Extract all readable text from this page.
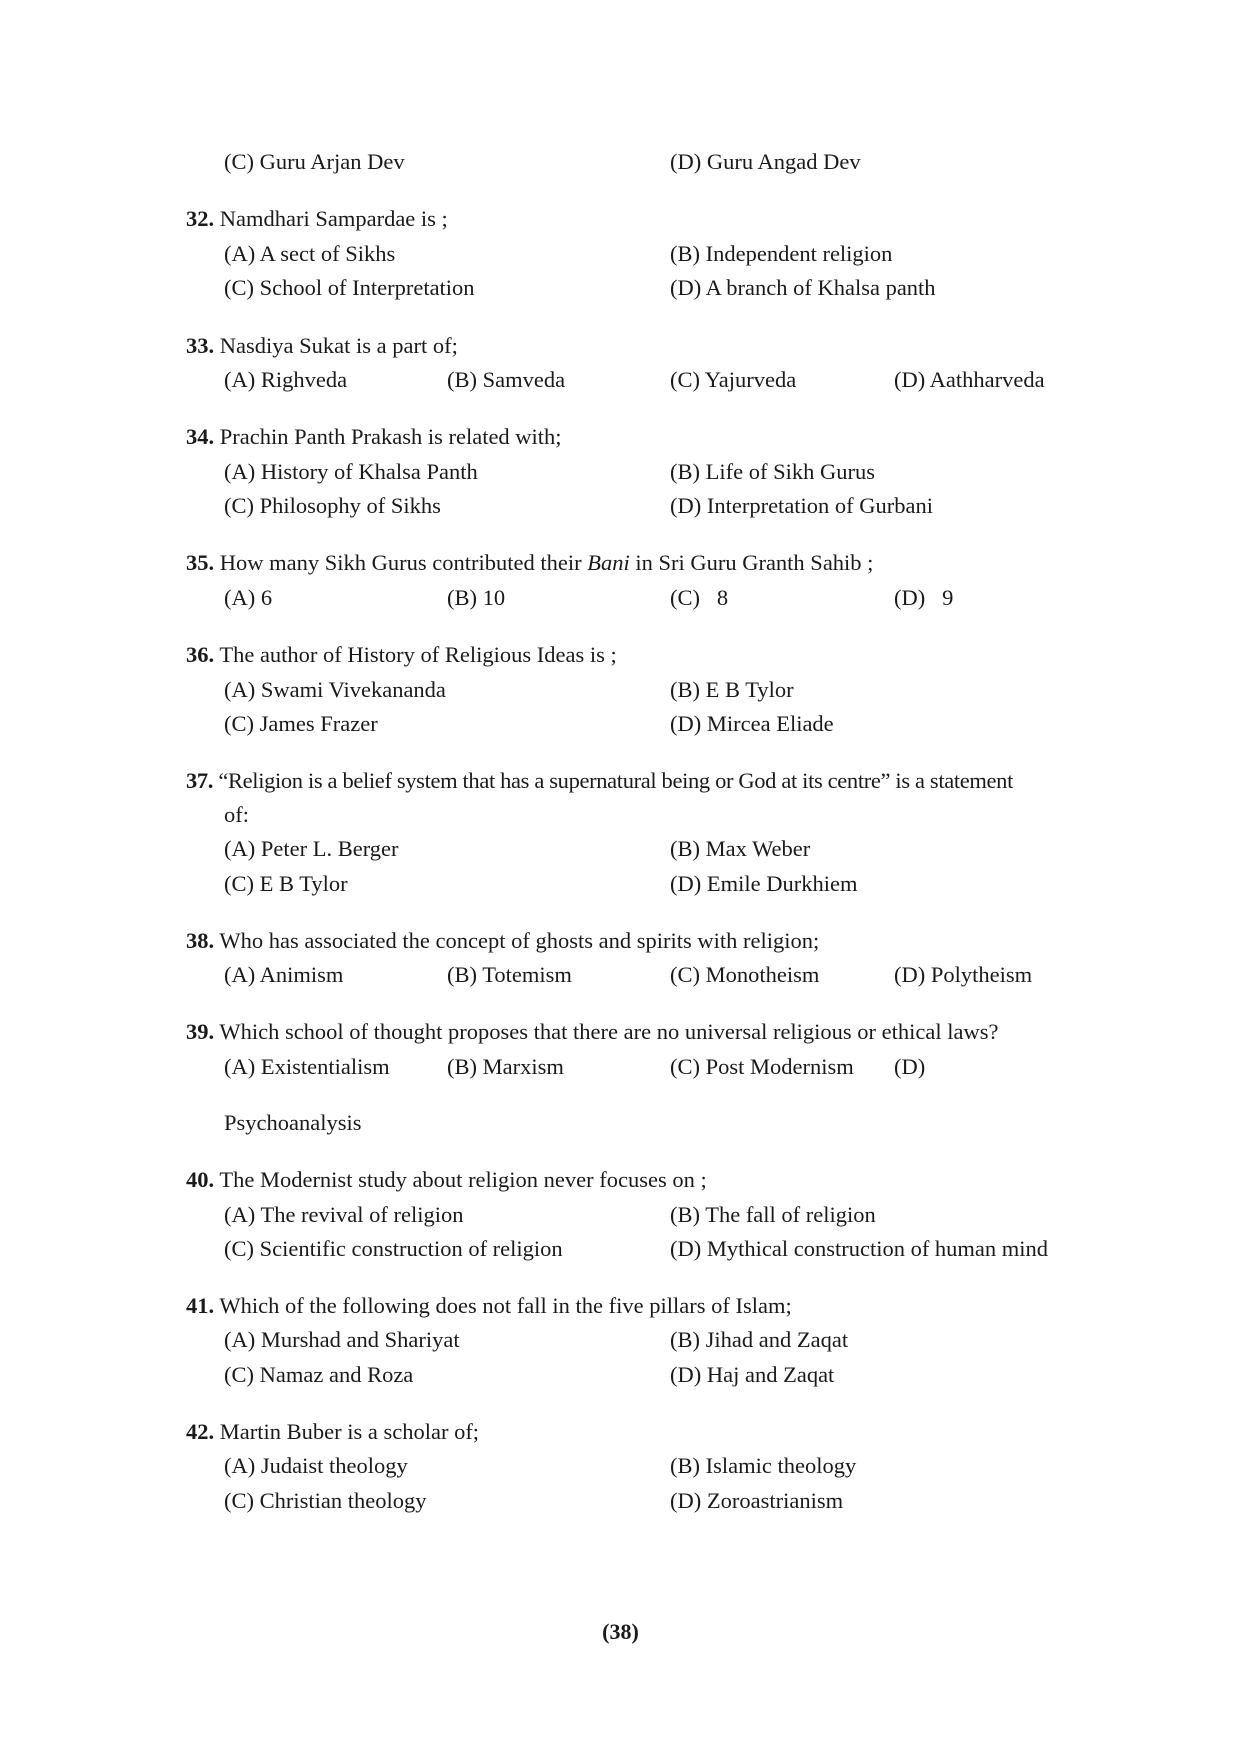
(C) Guru Arjan Dev	(D) Guru Angad Dev
32. Namdhari Sampardae is ;
(A) A sect of Sikhs	(B) Independent religion
(C) School of Interpretation	(D) A branch of Khalsa panth
33. Nasdiya Sukat is a part of;
(A) Righveda	(B) Samveda	(C) Yajurveda	(D) Aathharveda
34. Prachin Panth Prakash is related with;
(A) History of Khalsa Panth	(B) Life of Sikh Gurus
(C) Philosophy of Sikhs	(D) Interpretation of Gurbani
35. How many Sikh Gurus contributed their Bani in Sri Guru Granth Sahib ;
(A) 6	(B) 10	(C)   8	(D)   9
36. The author of History of Religious Ideas is ;
(A) Swami Vivekananda	(B) E B Tylor
(C) James Frazer	(D) Mircea Eliade
37. “Religion is a belief system that has a supernatural being or God at its centre” is a statement
of:
(A) Peter L. Berger	(B) Max Weber
(C) E B Tylor	(D) Emile Durkhiem
38. Who has associated the concept of ghosts and spirits with religion;
(A) Animism	(B) Totemism	(C) Monotheism	(D) Polytheism
39. Which school of thought proposes that there are no universal religious or ethical laws?
(A) Existentialism	(B) Marxism	(C) Post Modernism (D)
Psychoanalysis
40. The Modernist study about religion never focuses on ;
(A) The revival of religion	(B) The fall of religion
(C) Scientific construction of religion	(D) Mythical construction of human mind
41. Which of the following does not fall in the five pillars of Islam;
(A) Murshad and Shariyat	(B) Jihad and Zaqat
(C) Namaz and Roza	(D) Haj and Zaqat
42. Martin Buber is a scholar of;
(A) Judaist theology	(B) Islamic theology
(C) Christian theology	(D) Zoroastrianism
(38)
